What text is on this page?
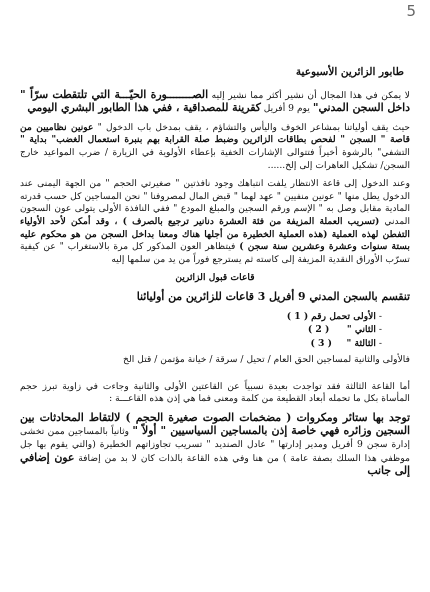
5
طابور الزائرين الأسبوعية

لا يمكن في هذا المجال أن نشير أكثر مما نشير إليه الصــــــــورة الحيّـــة التي تلتقطت سرّاً " داخل السجن المدني" يوم 9 أفريل كقرينة للمصداقية ، ففي هذا الطابور البشري اليومي

حيث يقف أولياتنا بمشاعر الخوف واليأس والتشاؤم ، يقف بمدخل باب الدخول " عونين نظاميين من قاصة " السجن " لفحص بطاقات الزائرين وضبط صلة القرابة بهم بنبرة استعمال الغضب" بداية " التشفي" بالرشوة أخيراً فتتوالى الإشارات الخفية بإعطاء الأولوية في الزيارة / ضرب المواعيد خارج السجن/ تشكيل العاهرات إلى إلخ......

وعند الدخول إلى قاعة الانتظار يلفت انتباهك وجود نافذتين " صغيرتي الحجم " من الجهة اليمنى عند الدخول يطل منها " عونين منفيين " عهد لهما " قبض المال لمصروفنا " نحن المساجين كل حسب قدرته المادية مقابل وصل به " الإسم ورقم السجين والمبلغ المودع " ففي النافذة الأولى يتولى عون السجون المدني (تسريب العملة المزيفة من فئة العشرة دنانير ترجيع بالصرف ) ، وقد أمكن لأحد الأولياء التفطن لهذه العملية (هذه العملية الخطيرة من أجلها هناك ومعنا بداخل السجن من هو محكوم عليه بستة سنوات وعشرة وعشرين سنة سجن ) فيتظاهر العون المذكور كل مرة بالاستغراب " عن كيفية تسرّب الأوراق النقدية المزيفة إلى كاسته ثم يسترجع فوراً من يد من سلمها إليه

قاعات قبول الزائرين

تنقسم بالسجن المدني 9 أفريل 3 قاعات للزائرين من أوليائنا

- الأولى تحمل رقم ( 1 )
- الثاني "      ( 2 )
- الثالثة "     ( 3 )

فالأولى والثانية لمساجين الحق العام / تحيل / سرقة / خيانة مؤتمن / قتل الخ

أما القاعة الثالثة فقد تواجدت بعيدة نسبياً عن القاعتين الأولى والثانية وجاءت في زاوية تبرز حجم المأساة بكل ما تحمله أبعاد القطيعة من كلمة ومعنى فما هي إذن هذه القاعـــة :

توجد بها ستائر ومكروات ( مضخمات الصوت صغيرة الحجم ) لالتقاط المحادثات بين السجين وزائره فهي خاصة إذن بالمساجين السياسيين " أولاً " وثانياً بالمساجين ممن تخشى إدارة سجن 9 أفريل ومدير إدارتها " عادل الصنديد " تسريب تجاوزاتهم الخطيرة (والتي يقوم بها جل موظفي هذا السلك بصفة عامة ) من هنا وفي هذه القاعة بالذات كان لا بد من إضافة عون إضافي إلى جانب
